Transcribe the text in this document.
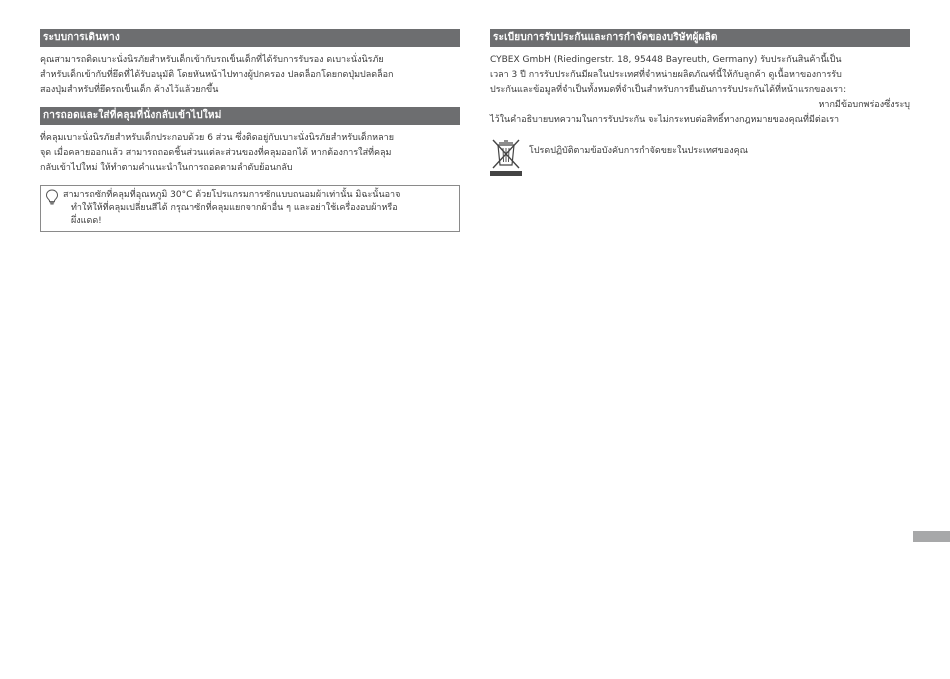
ระบบการเดินทาง
คุณสามารถติดเบาะนั่งนิรภัยสำหรับเด็กเข้ากับรถเข็นเด็กที่ได้รับการรับรอง ดเบาะนั่งนิรภัย
สำหรับเด็กเข้ากับที่ยึดที่ได้รับอนุมัติ โดยหันหน้าไปทางผู้ปกครอง ปลดล็อกโดยกดปุ่มปลดล็อก
สองปุ่มสำหรับที่ยึดรถเข็นเด็ก ค้างไว้แล้วยกขึ้น
การถอดและใส่ที่คลุมที่นั่งกลับเข้าไปใหม่
ที่คลุมเบาะนั่งนิรภัยสำหรับเด็กประกอบด้วย 6 ส่วน ซึ่งติดอยู่กับเบาะนั่งนิรภัยสำหรับเด็กหลาย
จุด เมื่อคลายออกแล้ว สามารถถอดชิ้นส่วนแต่ละส่วนของที่คลุมออกได้ หากต้องการใส่ที่คลุม
กลับเข้าไปใหม่ ให้ทำตามคำแนะนำในการถอดตามลำดับย้อนกลับ
สามารถซักที่คลุมที่อุณหภูมิ 30°C ด้วยโปรแกรมการซักแบบถนอมผ้าเท่านั้น มิฉะนั้นอาจ
ทำให้ให้ที่คลุมเปลี่ยนสีได้ กรุณาซักที่คลุมแยกจากผ้าอื่น ๆ และอย่าใช้เครื่องอบผ้าหรือ
ผึ่งแดด!
ระเบียบการรับประกันและการกำจัดของบริษัทผู้ผลิต
CYBEX GmbH (Riedingerstr. 18, 95448 Bayreuth, Germany) รับประกันสินค้านี้เป็น
เวลา 3 ปี การรับประกันมีผลในประเทศที่จำหน่ายผลิตภัณฑ์นี้ให้กับลูกค้า ดูเนื้อหาของการรับ
ประกันและข้อมูลที่จำเป็นทั้งหมดที่จำเป็นสำหรับการยืนยันการรับประกันได้ที่หน้าแรกของเรา:
หากมีข้อบกพร่องซึ่งระบุ
ไว้ในคำอธิบายบทความในการรับประกัน จะไม่กระทบต่อสิทธิ์ทางกฎหมายของคุณที่มีต่อเรา
โปรดปฏิบัติตามข้อบังคับการกำจัดขยะในประเทศของคุณ
